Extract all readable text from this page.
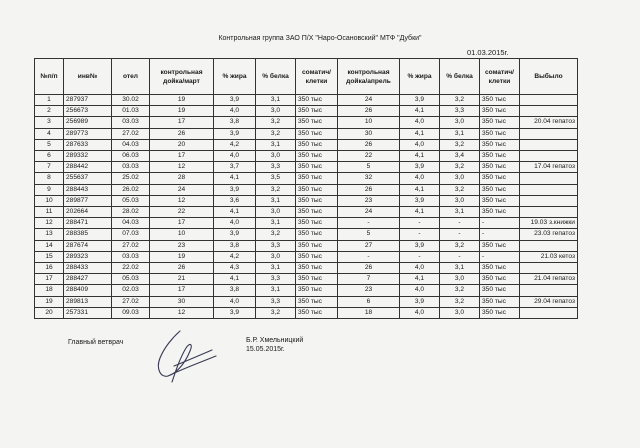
Контрольная группа ЗАО П/Х "Наро-Осановский" МТФ "Дубки"
01.03.2015г.
№п/п	инв№	отел	контрольная дойка/март	% жира	% белка	соматич/ клетки	контрольная дойка/апрель	% жира	% белка	соматич/ клетки	Выбыло
1	287937	30.02	19	3,9	3,1	350 тыс	24	3,9	3,2	350 тыс	
2	256673	01.03	19	4,0	3,0	350 тыс	26	4,1	3,3	350 тыс	
3	256989	03.03	17	3,8	3,2	350 тыс	10	4,0	3,0	350 тыс	20.04 гепатоз
4	289773	27.02	26	3,9	3,2	350 тыс	30	4,1	3,1	350 тыс	
5	287633	04.03	20	4,2	3,1	350 тыс	26	4,0	3,2	350 тыс	
6	289332	06.03	17	4,0	3,0	350 тыс	22	4,1	3,4	350 тыс	
7	288442	03.03	12	3,7	3,3	350 тыс	5	3,9	3,2	350 тыс	17.04 гепатоз
8	255637	25.02	28	4,1	3,5	350 тыс	32	4,0	3,0	350 тыс	
9	288443	26.02	24	3,9	3,2	350 тыс	26	4,1	3,2	350 тыс	
10	289877	05.03	12	3,6	3,1	350 тыс	23	3,9	3,0	350 тыс	
11	202664	28.02	22	4,1	3,0	350 тыс	24	4,1	3,1	350 тыс	
12	288471	04.03	17	4,0	3,1	350 тыс	-	-	-	-	19.03 з.книжки
13	288385	07.03	10	3,9	3,2	350 тыс	5	-	-	-	23.03 гепатоз
14	287674	27.02	23	3,8	3,3	350 тыс	27	3,9	3,2	350 тыс	
15	289323	03.03	19	4,2	3,0	350 тыс	-	-	-	-	21.03 кетоз
16	288433	22.02	26	4,3	3,1	350 тыс	26	4,0	3,1	350 тыс	
17	288427	05.03	21	4,1	3,3	350 тыс	7	4,1	3,0	350 тыс	21.04 гепатоз
18	288409	02.03	17	3,8	3,1	350 тыс	23	4,0	3,2	350 тыс	
19	289813	27.02	30	4,0	3,3	350 тыс	6	3,9	3,2	350 тыс	29.04 гепатоз
20	257331	09.03	12	3,9	3,2	350 тыс	18	4,0	3,0	350 тыс	
Главный ветврач	Б.Р. Хмельницкий
15.05.2015г.
